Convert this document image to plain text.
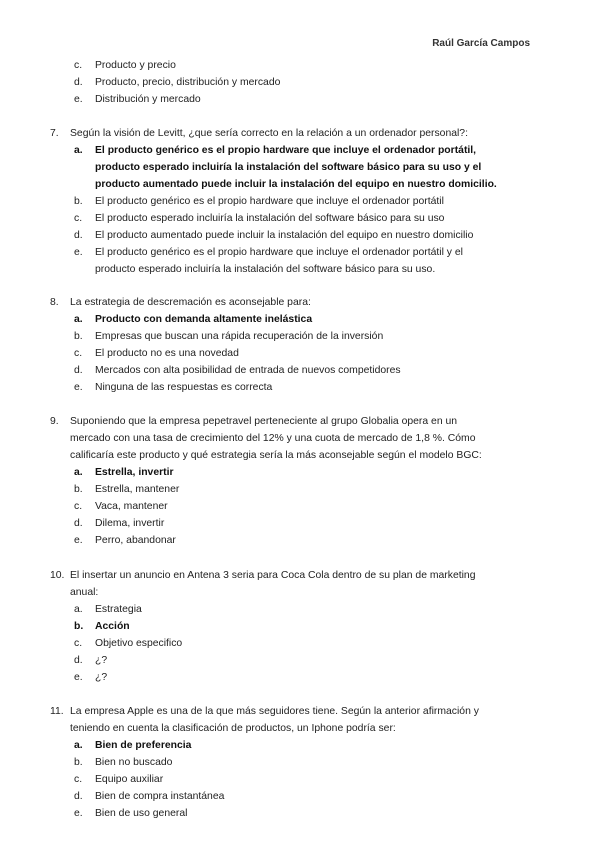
Raúl García Campos
c. Producto y precio
d. Producto, precio, distribución y mercado
e. Distribución y mercado
7. Según la visión de Levitt, ¿que sería correcto en la relación a un ordenador personal?:
a. El producto genérico es el propio hardware que incluye el ordenador portátil,
producto esperado incluiría la instalación del software básico para su uso y el
producto aumentado puede incluir la instalación del equipo en nuestro domicilio.
b. El producto genérico es el propio hardware que incluye el ordenador portátil
c. El producto esperado incluiría la instalación del software básico para su uso
d. El producto aumentado puede incluir la instalación del equipo en nuestro domicilio
e. El producto genérico es el propio hardware que incluye el ordenador portátil y el
producto esperado incluiría la instalación del software básico para su uso.
8. La estrategia de descremación es aconsejable para:
a. Producto con demanda altamente inelástica
b. Empresas que buscan una rápida recuperación de la inversión
c. El producto no es una novedad
d. Mercados con alta posibilidad de entrada de nuevos competidores
e. Ninguna de las respuestas es correcta
9. Suponiendo que la empresa pepetravel perteneciente al grupo Globalia opera en un
mercado con una tasa de crecimiento del 12% y una cuota de mercado de 1,8 %. Cómo
calificaría este producto y qué estrategia sería la más aconsejable según el modelo BGC:
a. Estrella, invertir
b. Estrella, mantener
c. Vaca, mantener
d. Dilema, invertir
e. Perro, abandonar
10. El insertar un anuncio en Antena 3 seria para Coca Cola dentro de su plan de marketing
anual:
a. Estrategia
b. Acción
c. Objetivo especifico
d. ¿?
e. ¿?
11. La empresa Apple es una de la que más seguidores tiene. Según la anterior afirmación y
teniendo en cuenta la clasificación de productos, un Iphone podría ser:
a. Bien de preferencia
b. Bien no buscado
c. Equipo auxiliar
d. Bien de compra instantánea
e. Bien de uso general
